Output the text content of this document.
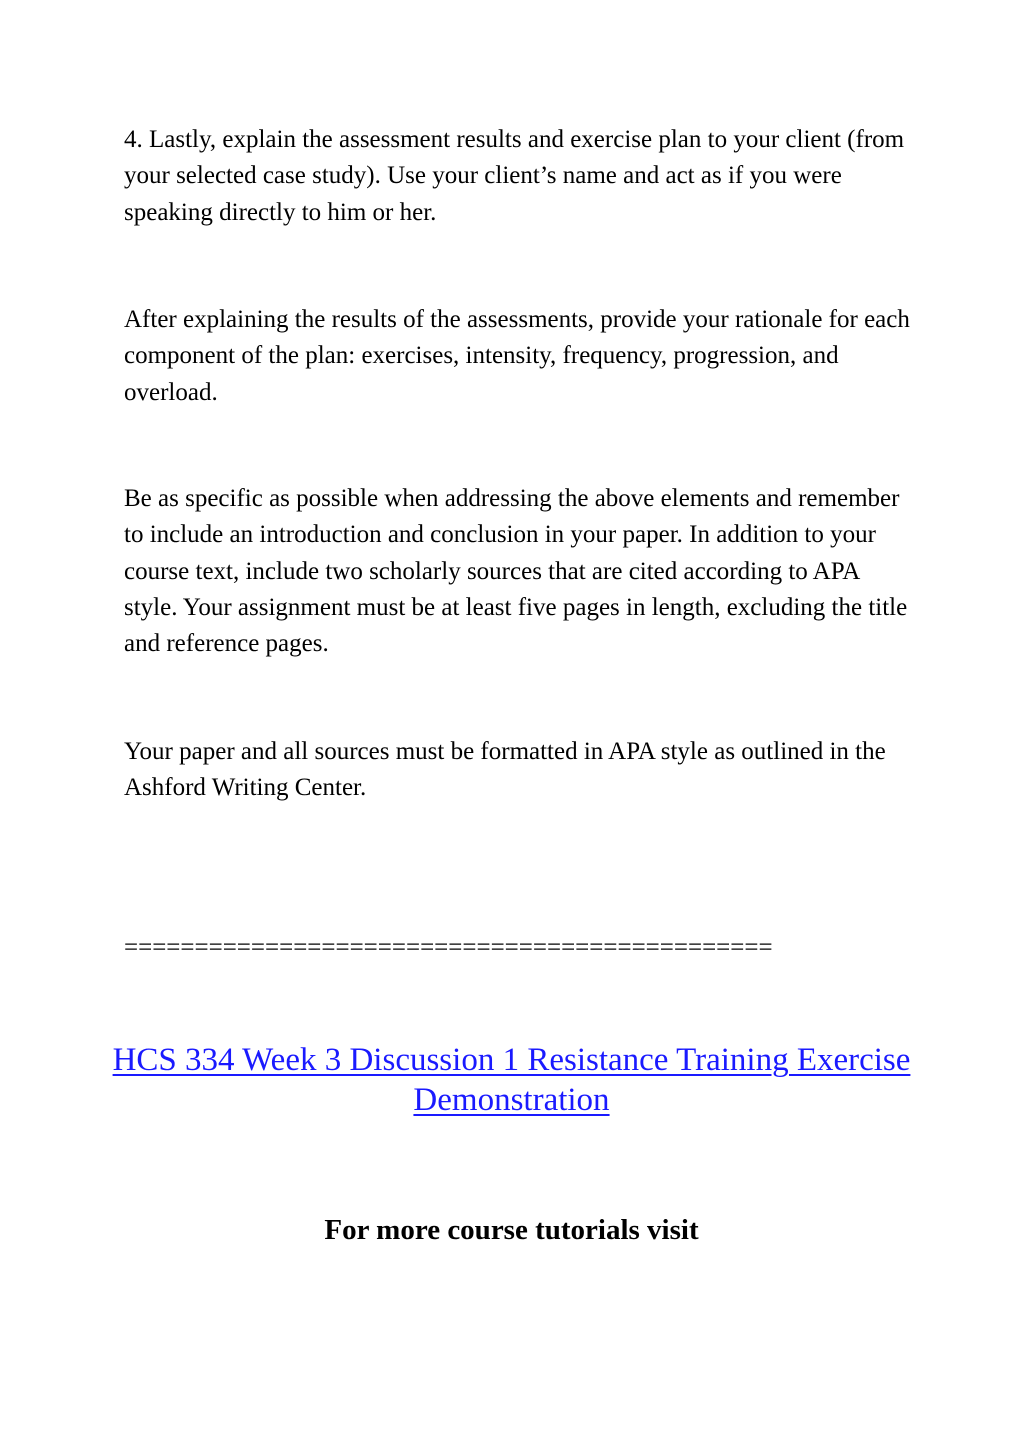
4. Lastly, explain the assessment results and exercise plan to your client (from your selected case study). Use your client’s name and act as if you were speaking directly to him or her.

After explaining the results of the assessments, provide your rationale for each component of the plan: exercises, intensity, frequency, progression, and overload.

Be as specific as possible when addressing the above elements and remember to include an introduction and conclusion in your paper. In addition to your course text, include two scholarly sources that are cited according to APA style. Your assignment must be at least five pages in length, excluding the title and reference pages.

Your paper and all sources must be formatted in APA style as outlined in the Ashford Writing Center.

==============================================

HCS 334 Week 3 Discussion 1 Resistance Training Exercise Demonstration

For more course tutorials visit
